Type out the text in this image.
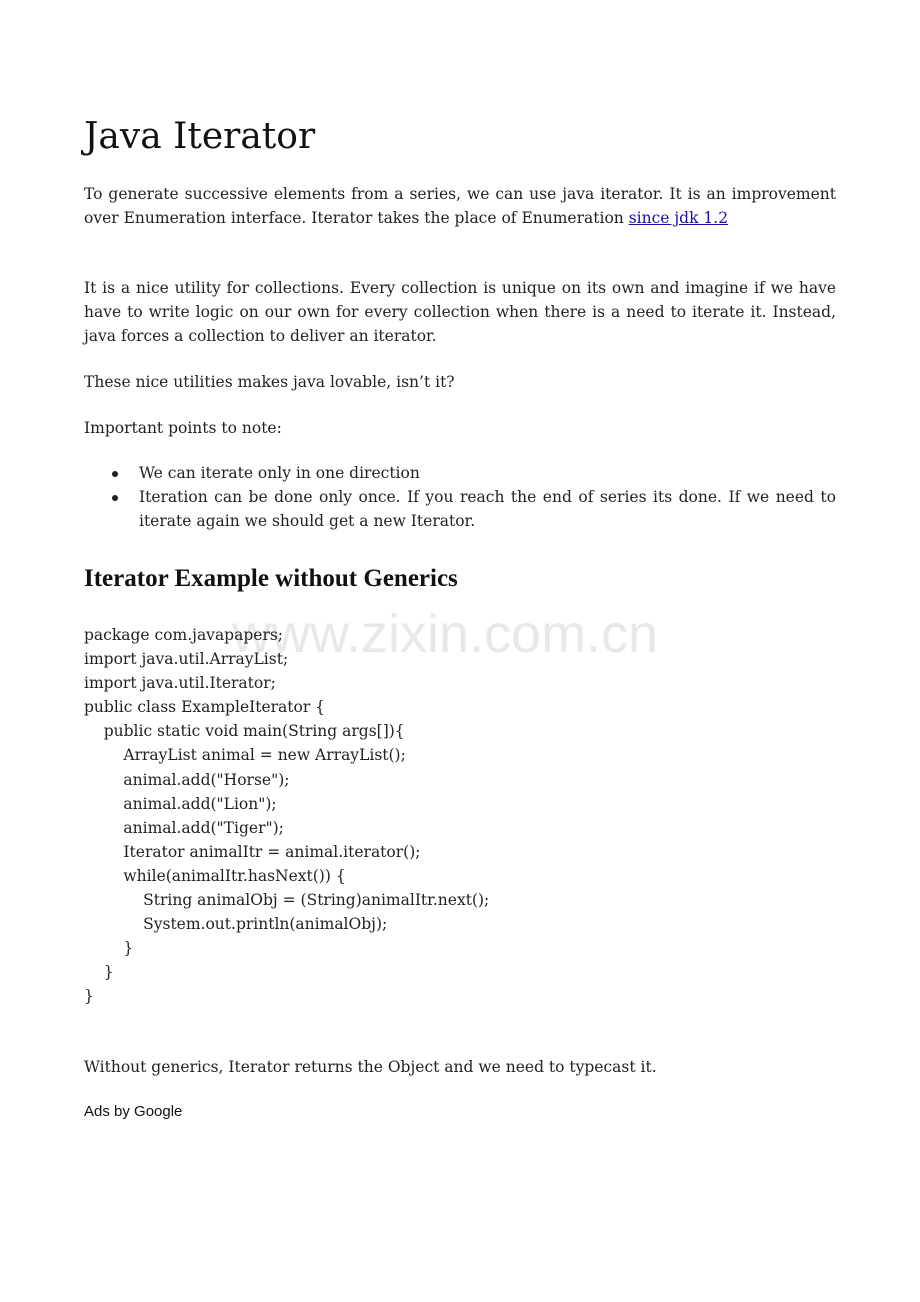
www.zixin.com.cn
Java Iterator

To generate successive elements from a series, we can use java iterator. It is an improvement over Enumeration interface. Iterator takes the place of Enumeration since jdk 1.2

It is a nice utility for collections. Every collection is unique on its own and imagine if we have have to write logic on our own for every collection when there is a need to iterate it. Instead, java forces a collection to deliver an iterator.

These nice utilities makes java lovable, isn’t it?

Important points to note:

We can iterate only in one direction
Iteration can be done only once. If you reach the end of series its done. If we need to iterate again we should get a new Iterator.
Iterator Example without Generics
package com.javapapers;
import java.util.ArrayList;
import java.util.Iterator;
public class ExampleIterator {
public static void main(String args[]){
ArrayList animal = new ArrayList();
animal.add("Horse");
animal.add("Lion");
animal.add("Tiger");
Iterator animalItr = animal.iterator();
while(animalItr.hasNext()) {
String animalObj = (String)animalItr.next();
System.out.println(animalObj);
}
}
}

Without generics, Iterator returns the Object and we need to typecast it.

Ads by Google
